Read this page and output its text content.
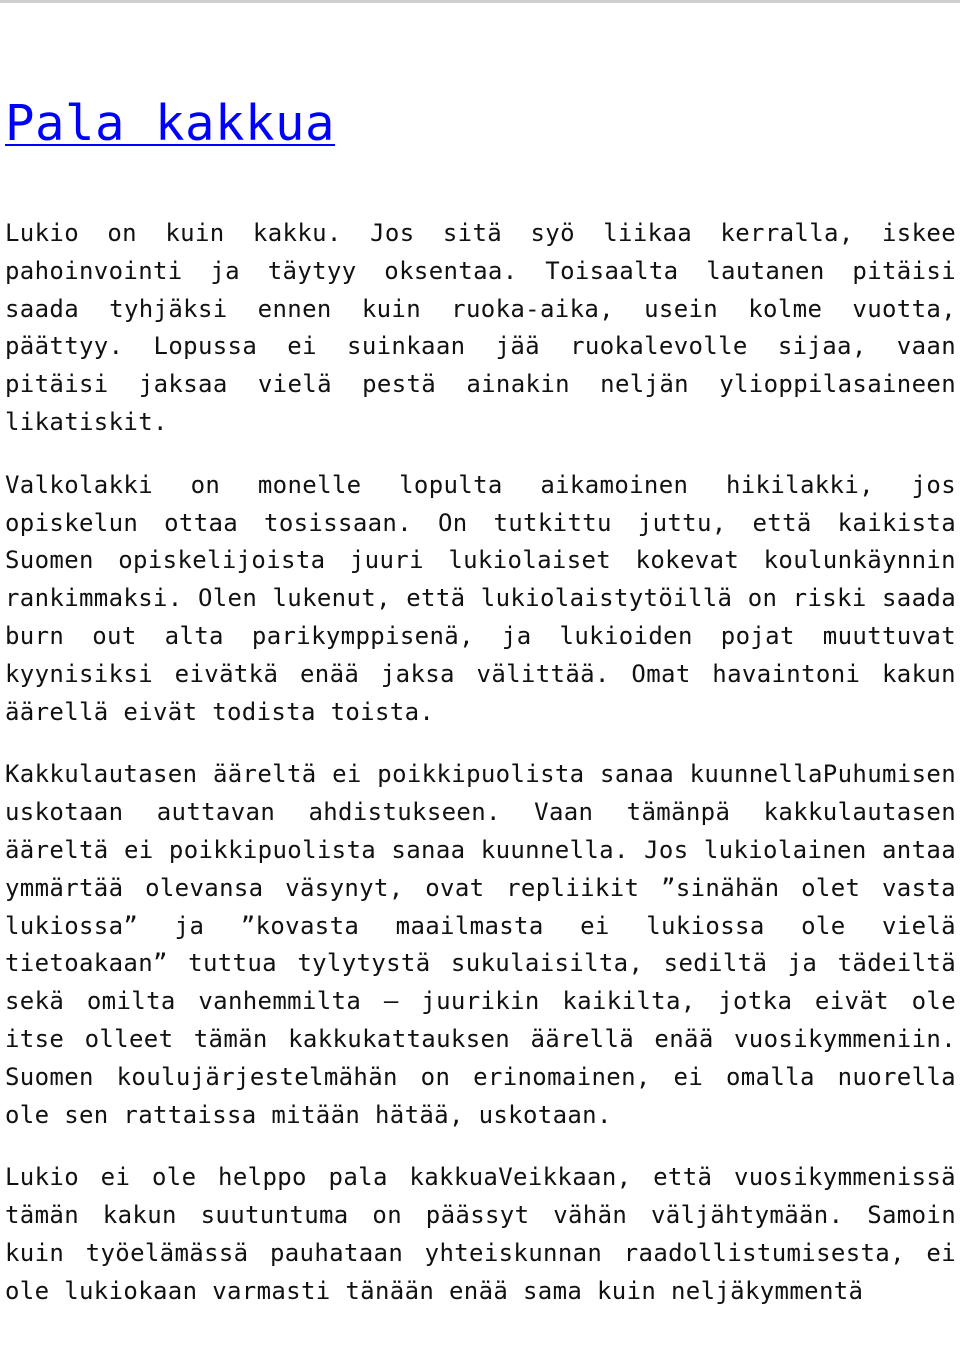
Pala kakkua

Lukio on kuin kakku. Jos sitä syö liikaa kerralla, iskee pahoinvointi ja täytyy oksentaa. Toisaalta lautanen pitäisi saada tyhjäksi ennen kuin ruoka-aika, usein kolme vuotta, päättyy. Lopussa ei suinkaan jää ruokalevolle sijaa, vaan pitäisi jaksaa vielä pestä ainakin neljän ylioppilasaineen likatiskit.

Valkolakki on monelle lopulta aikamoinen hikilakki, jos opiskelun ottaa tosissaan. On tutkittu juttu, että kaikista Suomen opiskelijoista juuri lukiolaiset kokevat koulunkäynnin rankimmaksi. Olen lukenut, että lukiolaistytöillä on riski saada burn out alta parikymppisenä, ja lukioiden pojat muuttuvat kyynisiksi eivätkä enää jaksa välittää. Omat havaintoni kakun äärellä eivät todista toista.

Kakkulautasen ääreltä ei poikkipuolista sanaa kuunnellaPuhumisen uskotaan auttavan ahdistukseen. Vaan tämänpä kakkulautasen ääreltä ei poikkipuolista sanaa kuunnella. Jos lukiolainen antaa ymmärtää olevansa väsynyt, ovat repliikit ”sinähän olet vasta lukiossa” ja ”kovasta maailmasta ei lukiossa ole vielä tietoakaan” tuttua tylytystä sukulaisilta, sediltä ja tädeiltä sekä omilta vanhemmilta – juurikin kaikilta, jotka eivät ole itse olleet tämän kakkukattauksen äärellä enää vuosikymmeniin. Suomen koulujärjestelmähän on erinomainen, ei omalla nuorella ole sen rattaissa mitään hätää, uskotaan.

Lukio ei ole helppo pala kakkuaVeikkaan, että vuosikymmenissä tämän kakun suutuntuma on päässyt vähän väljähtymään. Samoin kuin työelämässä pauhataan yhteiskunnan raadollistumisesta, ei ole lukiokaan varmasti tänään enää sama kuin neljäkymmentä
